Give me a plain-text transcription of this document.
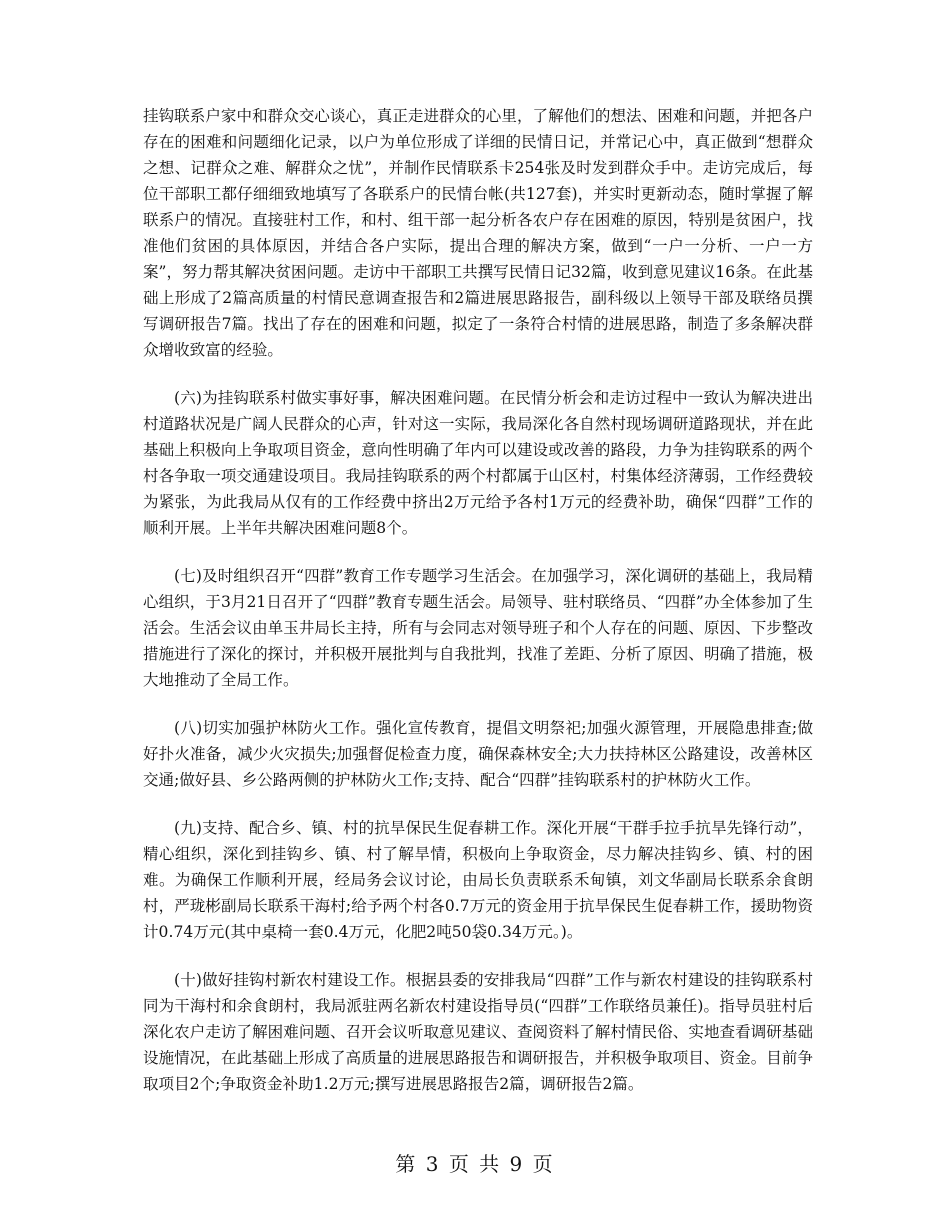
挂钩联系户家中和群众交心谈心，真正走进群众的心里，了解他们的想法、困难和问题，并把各户存在的困难和问题细化记录，以户为单位形成了详细的民情日记，并常记心中，真正做到“想群众之想、记群众之难、解群众之忧”，并制作民情联系卡254张及时发到群众手中。走访完成后，每位干部职工都仔细细致地填写了各联系户的民情台帐(共127套)，并实时更新动态，随时掌握了解联系户的情况。直接驻村工作，和村、组干部一起分析各农户存在困难的原因，特别是贫困户，找准他们贫困的具体原因，并结合各户实际，提出合理的解决方案，做到“一户一分析、一户一方案”，努力帮其解决贫困问题。走访中干部职工共撰写民情日记32篇，收到意见建议16条。在此基础上形成了2篇高质量的村情民意调查报告和2篇进展思路报告，副科级以上领导干部及联络员撰写调研报告7篇。找出了存在的困难和问题，拟定了一条符合村情的进展思路，制造了多条解决群众增收致富的经验。

(六)为挂钩联系村做实事好事，解决困难问题。在民情分析会和走访过程中一致认为解决进出村道路状况是广阔人民群众的心声，针对这一实际，我局深化各自然村现场调研道路现状，并在此基础上积极向上争取项目资金，意向性明确了年内可以建设或改善的路段，力争为挂钩联系的两个村各争取一项交通建设项目。我局挂钩联系的两个村都属于山区村，村集体经济薄弱，工作经费较为紧张，为此我局从仅有的工作经费中挤出2万元给予各村1万元的经费补助，确保“四群”工作的顺利开展。上半年共解决困难问题8个。

(七)及时组织召开“四群”教育工作专题学习生活会。在加强学习，深化调研的基础上，我局精心组织，于3月21日召开了“四群”教育专题生活会。局领导、驻村联络员、“四群”办全体参加了生活会。生活会议由单玉井局长主持，所有与会同志对领导班子和个人存在的问题、原因、下步整改措施进行了深化的探讨，并积极开展批判与自我批判，找准了差距、分析了原因、明确了措施，极大地推动了全局工作。

(八)切实加强护林防火工作。强化宣传教育，提倡文明祭祀;加强火源管理，开展隐患排查;做好扑火准备，减少火灾损失;加强督促检查力度，确保森林安全;大力扶持林区公路建设，改善林区交通;做好县、乡公路两侧的护林防火工作;支持、配合“四群”挂钩联系村的护林防火工作。

(九)支持、配合乡、镇、村的抗旱保民生促春耕工作。深化开展“干群手拉手抗旱先锋行动”，精心组织，深化到挂钩乡、镇、村了解旱情，积极向上争取资金，尽力解决挂钩乡、镇、村的困难。为确保工作顺利开展，经局务会议讨论，由局长负责联系禾甸镇，刘文华副局长联系余食朗村，严珑彬副局长联系干海村;给予两个村各0.7万元的资金用于抗旱保民生促春耕工作，援助物资计0.74万元(其中桌椅一套0.4万元，化肥2吨50袋0.34万元。)。

(十)做好挂钩村新农村建设工作。根据县委的安排我局“四群”工作与新农村建设的挂钩联系村同为干海村和余食朗村，我局派驻两名新农村建设指导员(“四群”工作联络员兼任)。指导员驻村后深化农户走访了解困难问题、召开会议听取意见建议、查阅资料了解村情民俗、实地查看调研基础设施情况，在此基础上形成了高质量的进展思路报告和调研报告，并积极争取项目、资金。目前争取项目2个;争取资金补助1.2万元;撰写进展思路报告2篇，调研报告2篇。

第 3 页 共 9 页
